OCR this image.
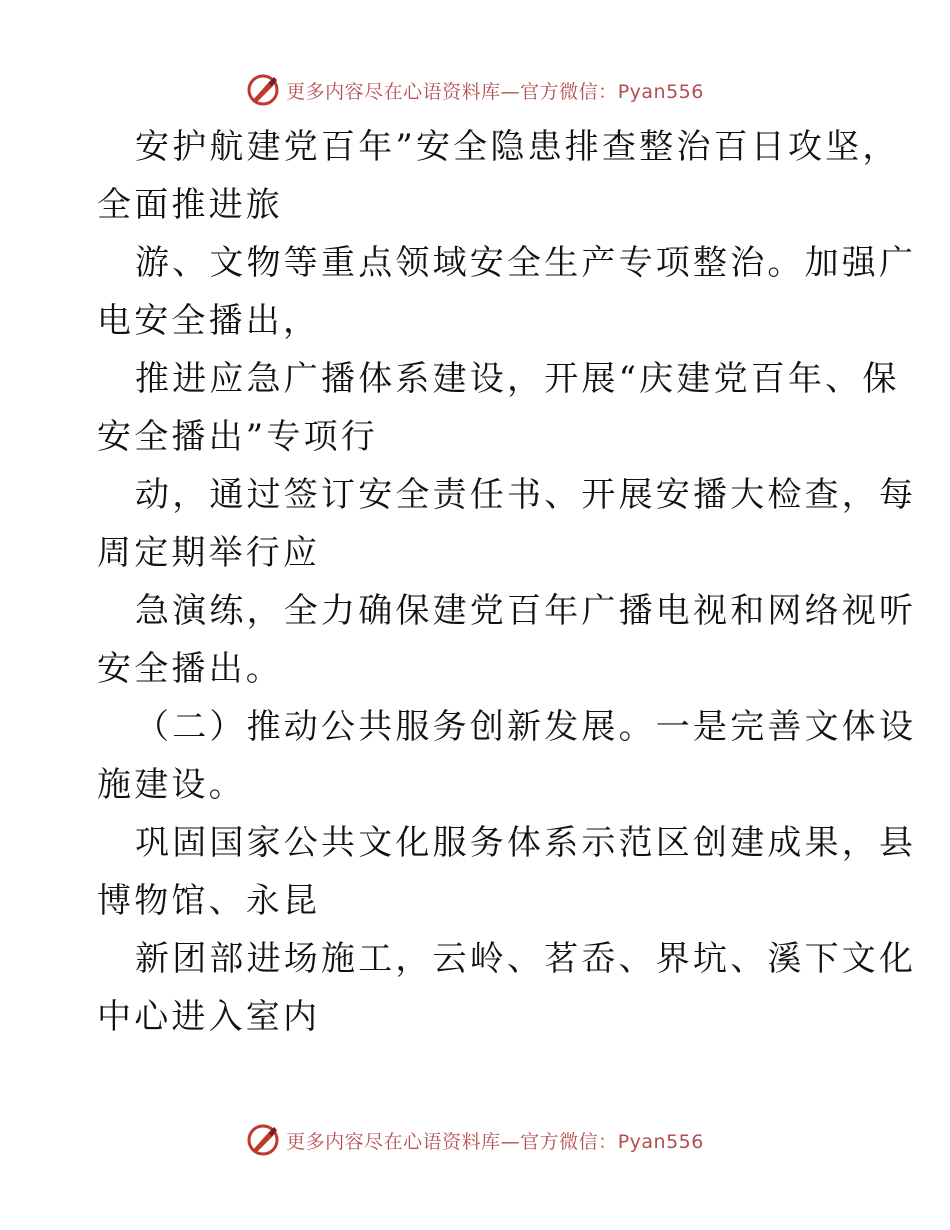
更多内容尽在心语资料库—官方微信：Pyan556

安护航建党百年”安全隐患排查整治百日攻坚，
全面推进旅

游、文物等重点领域安全生产专项整治。加强广
电安全播出，

推进应急广播体系建设，开展“庆建党百年、保
安全播出”专项行

动，通过签订安全责任书、开展安播大检查，每
周定期举行应

急演练，全力确保建党百年广播电视和网络视听
安全播出。

（二）推动公共服务创新发展。一是完善文体设
施建设。

巩固国家公共文化服务体系示范区创建成果，县
博物馆、永昆

新团部进场施工，云岭、茗岙、界坑、溪下文化
中心进入室内

更多内容尽在心语资料库—官方微信：Pyan556
